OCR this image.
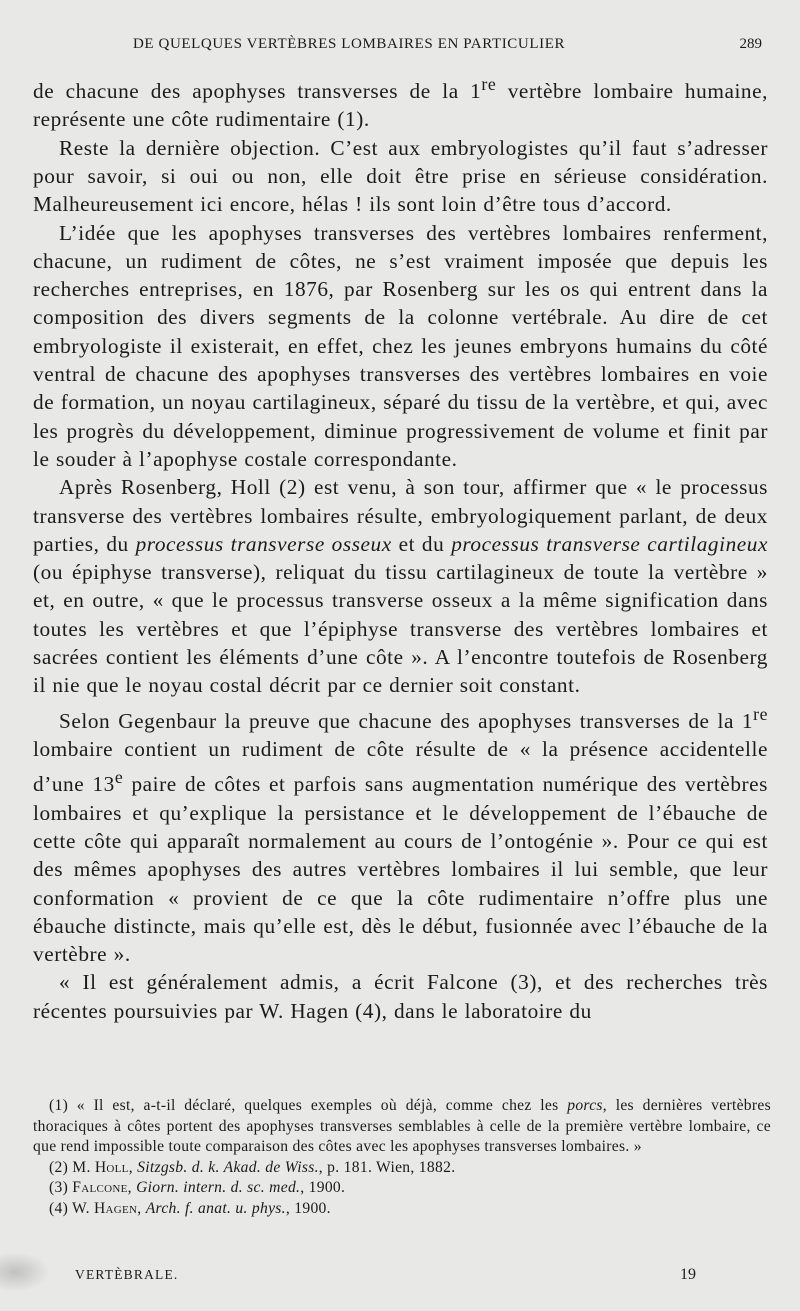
DE QUELQUES VERTÈBRES LOMBAIRES EN PARTICULIER	289

de chacune des apophyses transverses de la 1re vertèbre lombaire humaine, représente une côte rudimentaire (1).

Reste la dernière objection. C’est aux embryologistes qu’il faut s’adresser pour savoir, si oui ou non, elle doit être prise en sérieuse considération. Malheureusement ici encore, hélas ! ils sont loin d’être tous d’accord.

L’idée que les apophyses transverses des vertèbres lombaires renferment, chacune, un rudiment de côtes, ne s’est vraiment imposée que depuis les recherches entreprises, en 1876, par Rosenberg sur les os qui entrent dans la composition des divers segments de la colonne vertébrale. Au dire de cet embryologiste il existerait, en effet, chez les jeunes embryons humains du côté ventral de chacune des apophyses transverses des vertèbres lombaires en voie de formation, un noyau cartilagineux, séparé du tissu de la vertèbre, et qui, avec les progrès du développement, diminue progressivement de volume et finit par le souder à l’apophyse costale correspondante.

Après Rosenberg, Holl (2) est venu, à son tour, affirmer que « le processus transverse des vertèbres lombaires résulte, embryologiquement parlant, de deux parties, du processus transverse osseux et du processus transverse cartilagineux (ou épiphyse transverse), reliquat du tissu cartilagineux de toute la vertèbre » et, en outre, « que le processus transverse osseux a la même signification dans toutes les vertèbres et que l’épiphyse transverse des vertèbres lombaires et sacrées contient les éléments d’une côte ». A l’encontre toutefois de Rosenberg il nie que le noyau costal décrit par ce dernier soit constant.

Selon Gegenbaur la preuve que chacune des apophyses transverses de la 1re lombaire contient un rudiment de côte résulte de « la présence accidentelle d’une 13e paire de côtes et parfois sans augmentation numérique des vertèbres lombaires et qu’explique la persistance et le développement de l’ébauche de cette côte qui apparaît normalement au cours de l’ontogénie ». Pour ce qui est des mêmes apophyses des autres vertèbres lombaires il lui semble, que leur conformation « provient de ce que la côte rudimentaire n’offre plus une ébauche distincte, mais qu’elle est, dès le début, fusionnée avec l’ébauche de la vertèbre ».

« Il est généralement admis, a écrit Falcone (3), et des recherches très récentes poursuivies par W. Hagen (4), dans le laboratoire du

(1) « Il est, a-t-il déclaré, quelques exemples où déjà, comme chez les porcs, les dernières vertèbres thoraciques à côtes portent des apophyses transverses semblables à celle de la première vertèbre lombaire, ce que rend impossible toute comparaison des côtes avec les apophyses transverses lombaires. »

(2) M. Holl, Sitzgsb. d. k. Akad. de Wiss., p. 181. Wien, 1882.

(3) Falcone, Giorn. intern. d. sc. med., 1900.

(4) W. Hagen, Arch. f. anat. u. phys., 1900.

VERTÈBRALE.	19
